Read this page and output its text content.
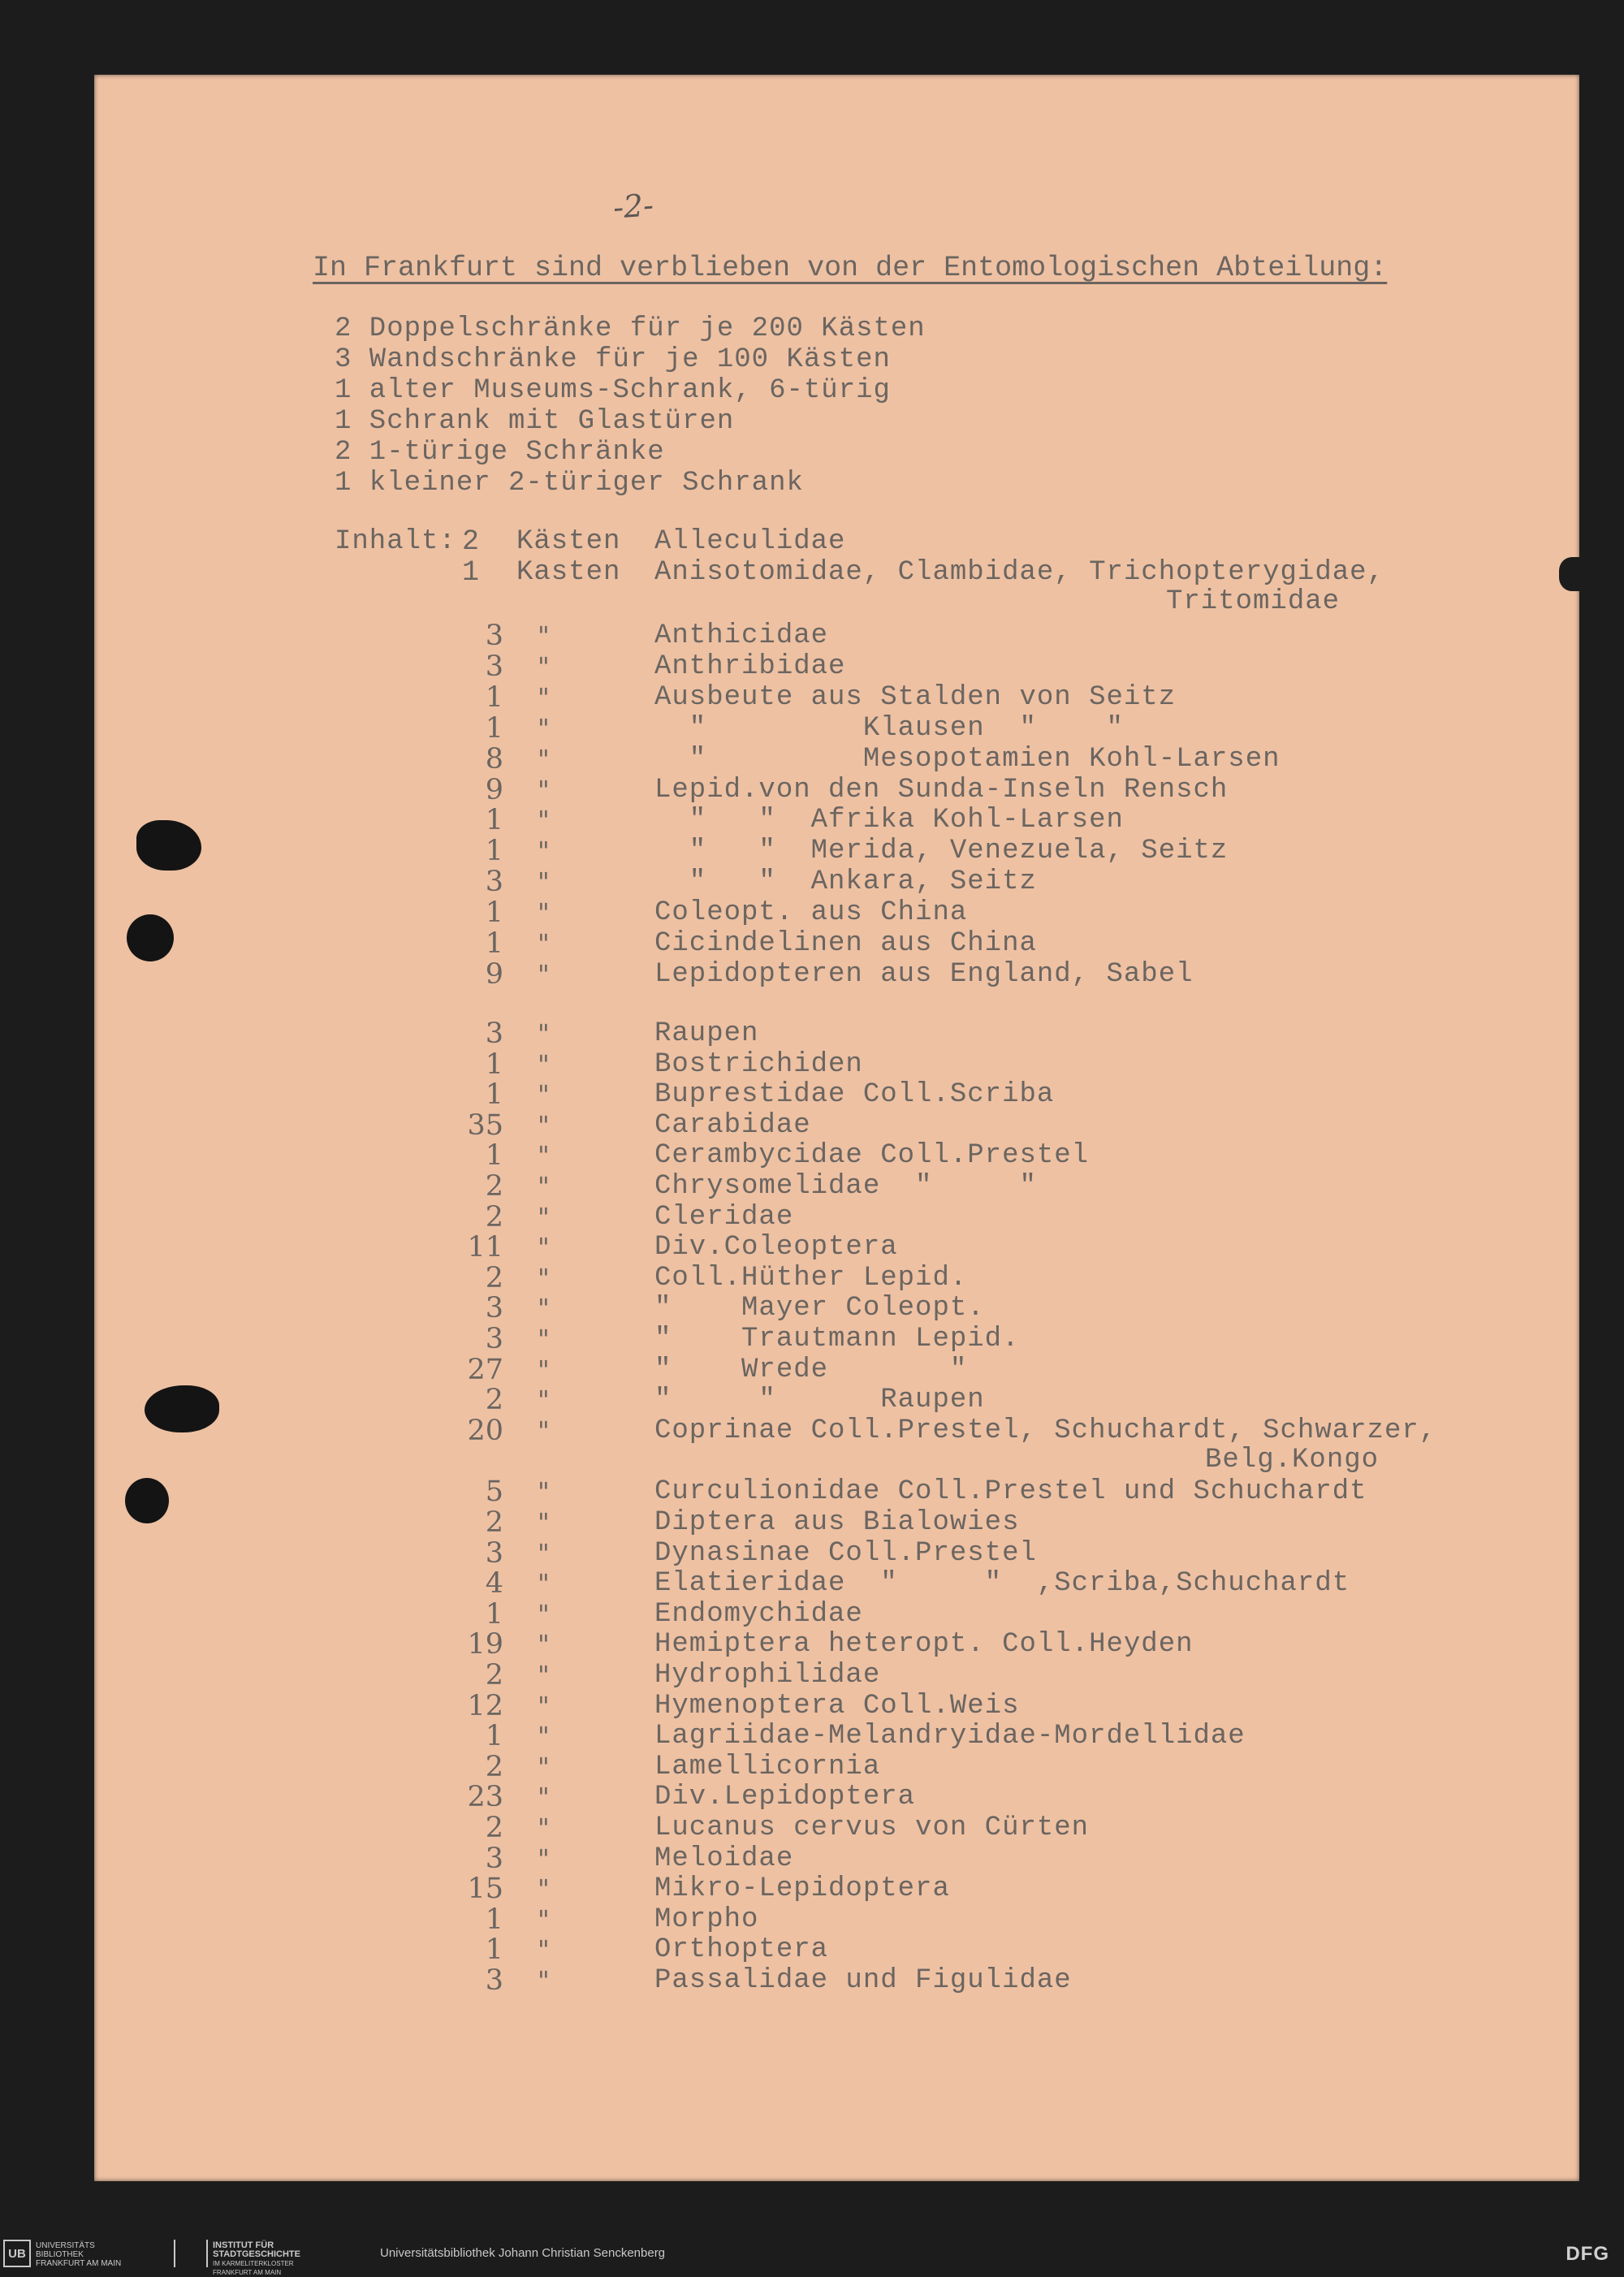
-2-
In Frankfurt sind verblieben von der Entomologischen Abteilung:
2 Doppelschränke für je 200 Kästen
3 Wandschränke für je 100 Kästen
1 alter Museums-Schrank, 6-türig
1 Schrank mit Glastüren
2 1-türige Schränke
1 kleiner 2-türiger Schrank
Inhalt: 2 Kästen Alleculidae
1 Kasten Anisotomidae, Clambidae, Trichopterygidae,
Tritomidae
3 "	Anthicidae
3 "	Anthribidae
1 "	Ausbeute aus Stalden von Seitz
1 "	"         Klausen  "    "
8 "	"         Mesopotamien Kohl-Larsen
9 "	Lepid.von den Sunda-Inseln Rensch
1 "	"   "  Afrika Kohl-Larsen
1 "	"   "  Merida, Venezuela, Seitz
3 "	"   "  Ankara, Seitz
1 "	Coleopt. aus China
1 "	Cicindelinen aus China
9 "	Lepidopteren aus England, Sabel
3 "	Raupen
1 "	Bostrichiden
1 "	Buprestidae Coll.Scriba
35 "	Carabidae
1 "	Cerambycidae Coll.Prestel
2 "	Chrysomelidae  "     "
2 "	Cleridae
11 "	Div.Coleoptera
2 "	Coll.Hüther Lepid.
3 "	"    Mayer Coleopt.
3 "	"    Trautmann Lepid.
27 "	"    Wrede       "
2 "	"     "      Raupen
20 "	Coprinae Coll.Prestel, Schuchardt, Schwarzer,
Belg.Kongo
5 "	Curculionidae Coll.Prestel und Schuchardt
2 "	Diptera aus Bialowies
3 "	Dynasinae Coll.Prestel
4 "	Elatieridae  "     "  ,Scriba,Schuchardt
1 "	Endomychidae
19 "	Hemiptera heteropt. Coll.Heyden
2 "	Hydrophilidae
12 "	Hymenoptera Coll.Weis
1 "	Lagriidae-Melandryidae-Mordellidae
2 "	Lamellicornia
23 "	Div.Lepidoptera
2 "	Lucanus cervus von Cürten
3 "	Meloidae
15 "	Mikro-Lepidoptera
1 "	Morpho
1 "	Orthoptera
3 "	Passalidae und Figulidae
UB
UNIVERSITÄTS
BIBLIOTHEK
FRANKFURT AM MAIN
INSTITUT FÜR
STADTGESCHICHTE
IM KARMELITERKLOSTER
FRANKFURT AM MAIN
Universitätsbibliothek Johann Christian Senckenberg	DFG
